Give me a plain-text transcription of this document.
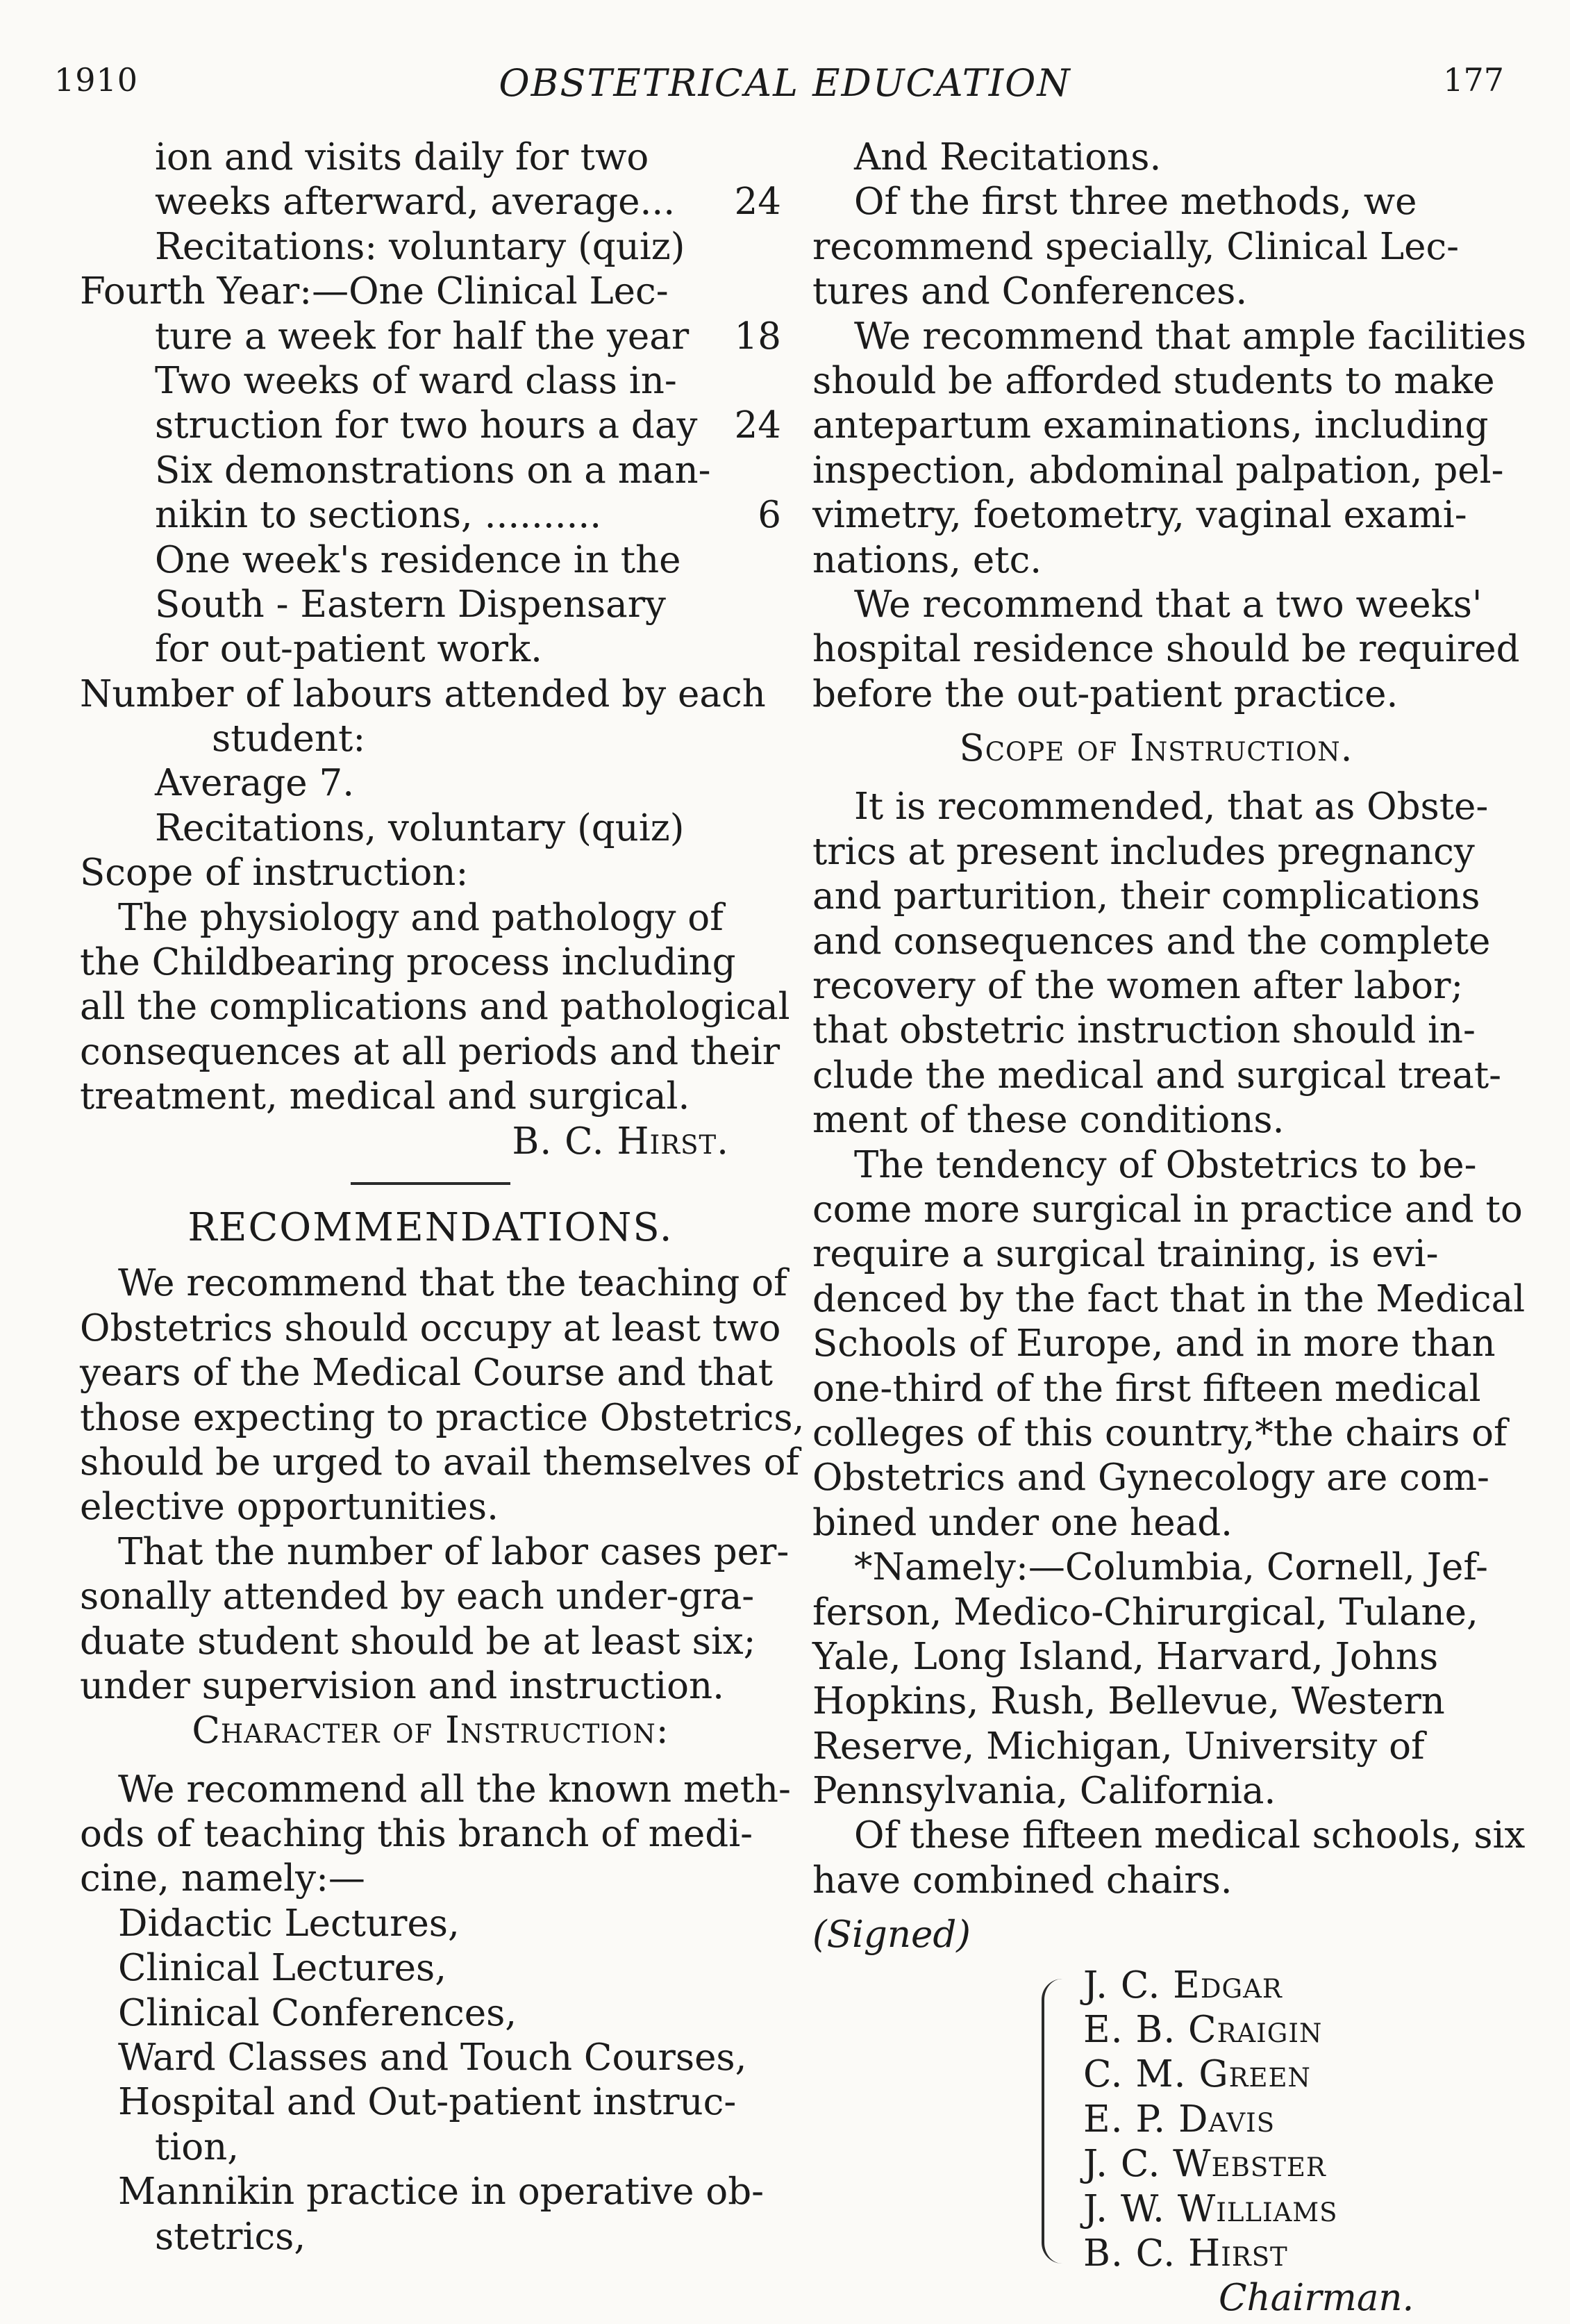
1910	OBSTETRICAL EDUCATION	177
ion and visits daily for two
weeks afterward, average... 24
Recitations: voluntary (quiz)
Fourth Year:—One Clinical Lec-
ture a week for half the year 18
Two weeks of ward class in-
struction for two hours a day 24
Six demonstrations on a man-
nikin to sections, ..........	6
One week's residence in the
South - Eastern Dispensary
for out-patient work.
Number of labours attended by each
student:
Average 7.
Recitations, voluntary (quiz)
Scope of instruction:
The physiology and pathology of
the Childbearing process including
all the complications and pathological
consequences at all periods and their
treatment, medical and surgical.
B. C. Hirst.
RECOMMENDATIONS.
We recommend that the teaching of
Obstetrics should occupy at least two
years of the Medical Course and that
those expecting to practice Obstetrics,
should be urged to avail themselves of
elective opportunities.
That the number of labor cases per-
sonally attended by each under-gra-
duate student should be at least six;
under supervision and instruction.
Character of Instruction:
We recommend all the known meth-
ods of teaching this branch of medi-
cine, namely:—
Didactic Lectures,
Clinical Lectures,
Clinical Conferences,
Ward Classes and Touch Courses,
Hospital and Out-patient instruc-
tion,
Mannikin practice in operative ob-
stetrics,
And Recitations.
Of the first three methods, we
recommend specially, Clinical Lec-
tures and Conferences.
We recommend that ample facilities
should be afforded students to make
antepartum examinations, including
inspection, abdominal palpation, pel-
vimetry, foetometry, vaginal exami-
nations, etc.
We recommend that a two weeks'
hospital residence should be required
before the out-patient practice.
Scope of Instruction.
It is recommended, that as Obste-
trics at present includes pregnancy
and parturition, their complications
and consequences and the complete
recovery of the women after labor;
that obstetric instruction should in-
clude the medical and surgical treat-
ment of these conditions.
The tendency of Obstetrics to be-
come more surgical in practice and to
require a surgical training, is evi-
denced by the fact that in the Medical
Schools of Europe, and in more than
one-third of the first fifteen medical
colleges of this country,*the chairs of
Obstetrics and Gynecology are com-
bined under one head.
*Namely:—Columbia, Cornell, Jef-
ferson, Medico-Chirurgical, Tulane,
Yale, Long Island, Harvard, Johns
Hopkins, Rush, Bellevue, Western
Reserve, Michigan, University of
Pennsylvania, California.
Of these fifteen medical schools, six
have combined chairs.
(Signed)
J. C. Edgar
E. B. Craigin
C. M. Green
E. P. Davis
J. C. Webster
J. W. Williams
B. C. Hirst
Chairman.
